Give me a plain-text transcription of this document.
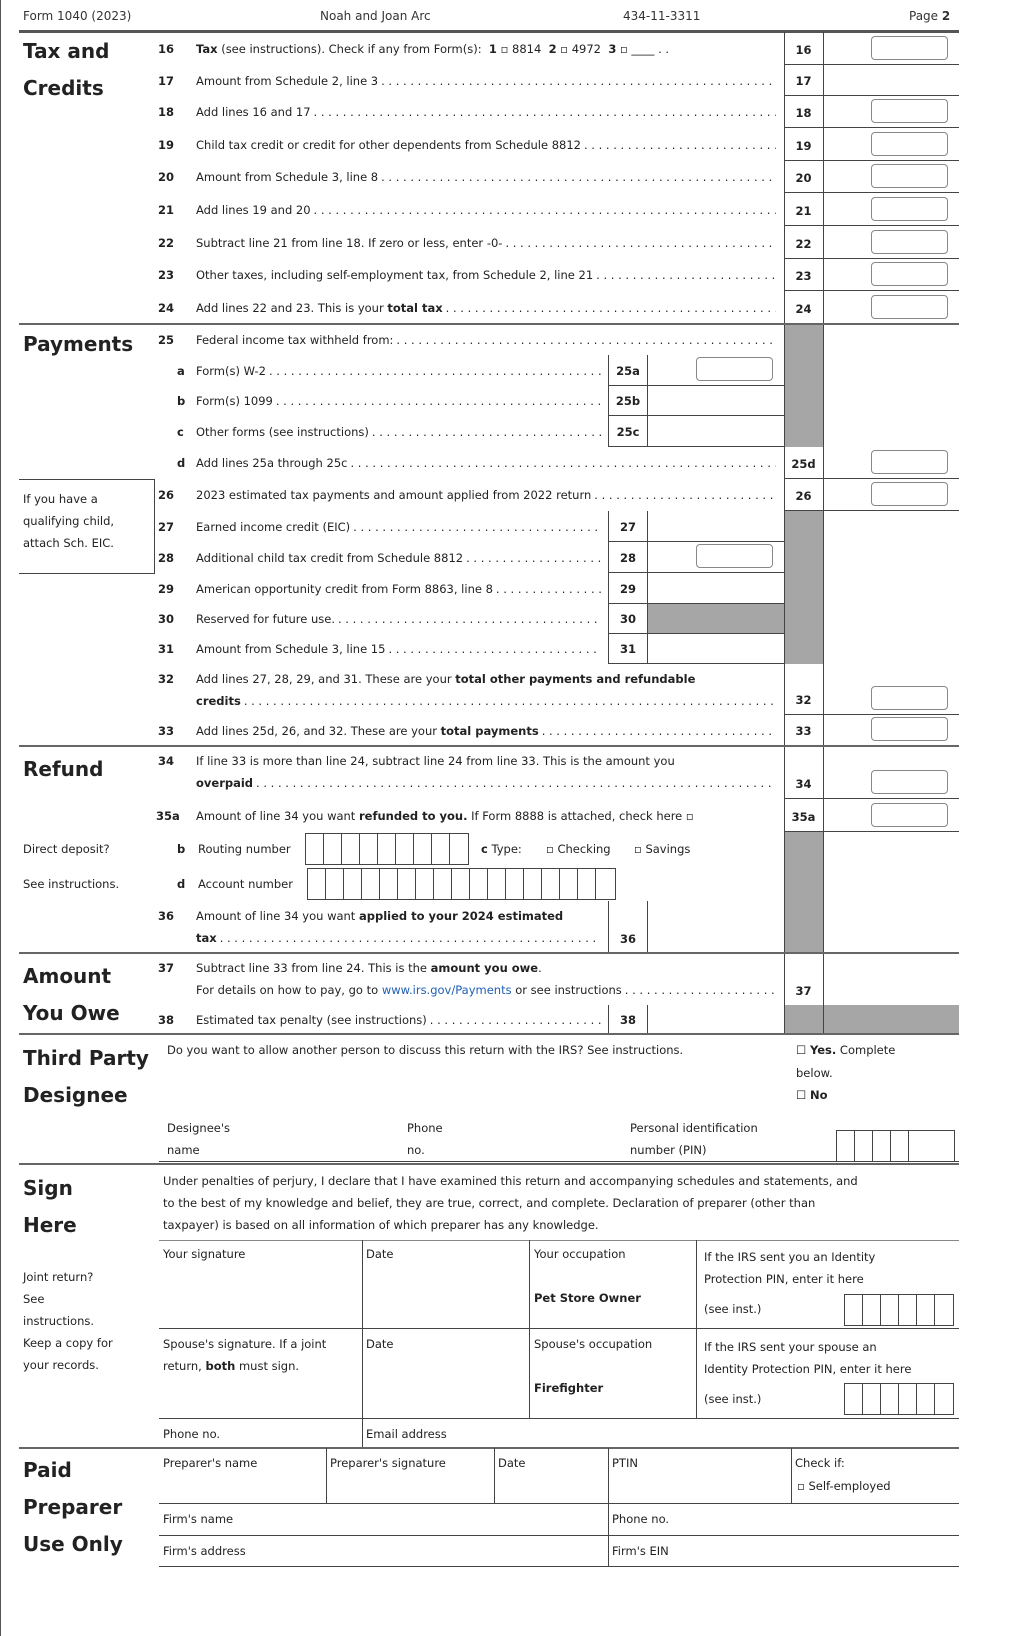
Form 1040 (2023)	Noah and Joan Arc	434-11-3311	Page 2
Tax and
Credits
Payments
Refund
Amount
You Owe
If you have a
qualifying child,
attach Sch. EIC.
Direct deposit?
See instructions.
16 Tax (see instructions). Check if any from Form(s): 1 ▫ 8814 2 ▫ 4972 3 ▫ ____ . .	16
17 Amount from Schedule 2, line 3 . . .	17
18 Add lines 16 and 17 . . .	18
19 Child tax credit or credit for other dependents from Schedule 8812 . . .	19
20 Amount from Schedule 3, line 8 . . .	20
21 Add lines 19 and 20 . . .	21
22 Subtract line 21 from line 18. If zero or less, enter -0- . . .	22
23 Other taxes, including self-employment tax, from Schedule 2, line 21 . . .	23
24 Add lines 22 and 23. This is your total tax . . .	24
25 Federal income tax withheld from:
. . .
a Form(s) W-2 . . .	25a
b Form(s) 1099 . . .	25b
c Other forms (see instructions) . . .	25c
d Add lines 25a through 25c . . .	25d
26 2023 estimated tax payments and amount applied from 2022 return . . .	26
27 Earned income credit (EIC) . . .	27
28 Additional child tax credit from Schedule 8812 . . .	28
29 American opportunity credit from Form 8863, line 8 . . .	29
30 Reserved for future use. . . .	30
31 Amount from Schedule 3, line 15 . . .	31
32 Add lines 27, 28, 29, and 31. These are your total other payments and refundable
credits . . .	32
33 Add lines 25d, 26, and 32. These are your total payments . . .	33
34 If line 33 is more than line 24, subtract line 24 from line 33. This is the amount you
overpaid . . .	34
35a Amount of line 34 you want refunded to you. If Form 8888 is attached, check here ▫	35a
b Routing number	c Type: ▫ Checking ▫ Savings
d Account number
36 Amount of line 34 you want applied to your 2024 estimated
tax . . .	36
37 Subtract line 33 from line 24. This is the amount you owe .
For details on how to pay, go to www.irs.gov/Payments or see instructions . . .	37
38 Estimated tax penalty (see instructions) . . .	38
Third Party
Designee
Do you want to allow another person to discuss this return with the IRS? See instructions.	☐ Yes. Complete
below.
☐ No
Designee's
name
Phone
no.
Personal identification
number (PIN)
Sign
Here
Under penalties of perjury, I declare that I have examined this return and accompanying schedules and statements, and
to the best of my knowledge and belief, they are true, correct, and complete. Declaration of preparer (other than
taxpayer) is based on all information of which preparer has any knowledge.
Joint return?
See
instructions.
Keep a copy for
your records.
Your signature	Date	Your occupation
Pet Store Owner
If the IRS sent you an Identity
Protection PIN, enter it here
(see inst.)
Spouse's signature. If a joint
return, both must sign.
Date	Spouse's occupation
Firefighter
If the IRS sent your spouse an
Identity Protection PIN, enter it here
(see inst.)
Phone no.	Email address
Paid
Preparer
Use Only
Preparer's name	Preparer's signature	Date	PTIN	Check if:
▫ Self-employed
Firm's name	Phone no.
Firm's address	Firm's EIN
